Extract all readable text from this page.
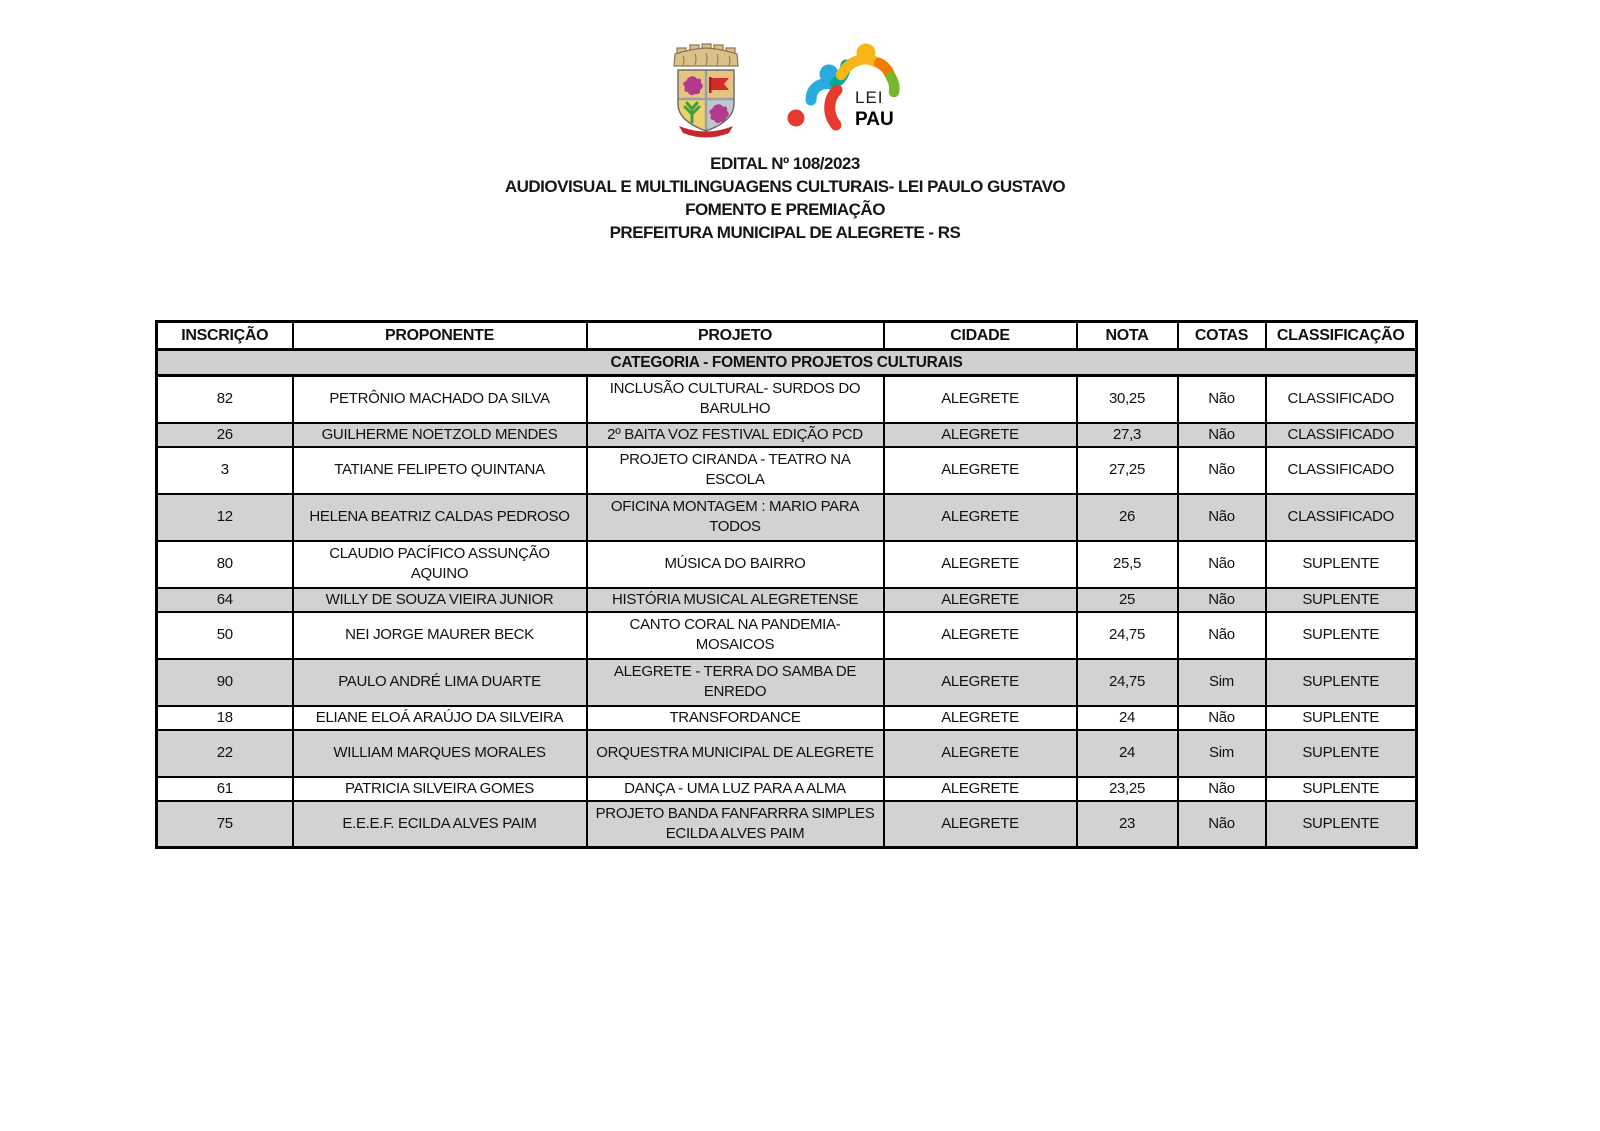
LEI
PAU
EDITAL Nº 108/2023
AUDIOVISUAL E MULTILINGUAGENS CULTURAIS- LEI PAULO GUSTAVO
FOMENTO E PREMIAÇÃO
PREFEITURA MUNICIPAL DE ALEGRETE - RS
INSCRIÇÃO	PROPONENTE	PROJETO	CIDADE	NOTA	COTAS	CLASSIFICAÇÃO
CATEGORIA - FOMENTO PROJETOS CULTURAIS						
82	PETRÔNIO MACHADO DA SILVA	INCLUSÃO CULTURAL- SURDOS DO BARULHO	ALEGRETE	30,25	Não	CLASSIFICADO
26	GUILHERME NOETZOLD MENDES	2º BAITA VOZ FESTIVAL EDIÇÃO PCD	ALEGRETE	27,3	Não	CLASSIFICADO
3	TATIANE FELIPETO QUINTANA	PROJETO CIRANDA - TEATRO NA ESCOLA	ALEGRETE	27,25	Não	CLASSIFICADO
12	HELENA BEATRIZ CALDAS PEDROSO	OFICINA MONTAGEM : MARIO PARA TODOS	ALEGRETE	26	Não	CLASSIFICADO
80	CLAUDIO PACÍFICO ASSUNÇÃO AQUINO	MÚSICA DO BAIRRO	ALEGRETE	25,5	Não	SUPLENTE
64	WILLY DE SOUZA VIEIRA JUNIOR	HISTÓRIA MUSICAL ALEGRETENSE	ALEGRETE	25	Não	SUPLENTE
50	NEI JORGE MAURER BECK	CANTO CORAL NA PANDEMIA- MOSAICOS	ALEGRETE	24,75	Não	SUPLENTE
90	PAULO ANDRÉ LIMA DUARTE	ALEGRETE - TERRA DO SAMBA DE ENREDO	ALEGRETE	24,75	Sim	SUPLENTE
18	ELIANE ELOÁ ARAÚJO DA SILVEIRA	TRANSFORDANCE	ALEGRETE	24	Não	SUPLENTE
22	WILLIAM MARQUES MORALES	ORQUESTRA MUNICIPAL DE ALEGRETE	ALEGRETE	24	Sim	SUPLENTE
61	PATRICIA SILVEIRA GOMES	DANÇA - UMA LUZ PARA A ALMA	ALEGRETE	23,25	Não	SUPLENTE
75	E.E.E.F. ECILDA ALVES PAIM	PROJETO BANDA FANFARRRA SIMPLES ECILDA ALVES PAIM	ALEGRETE	23	Não	SUPLENTE
